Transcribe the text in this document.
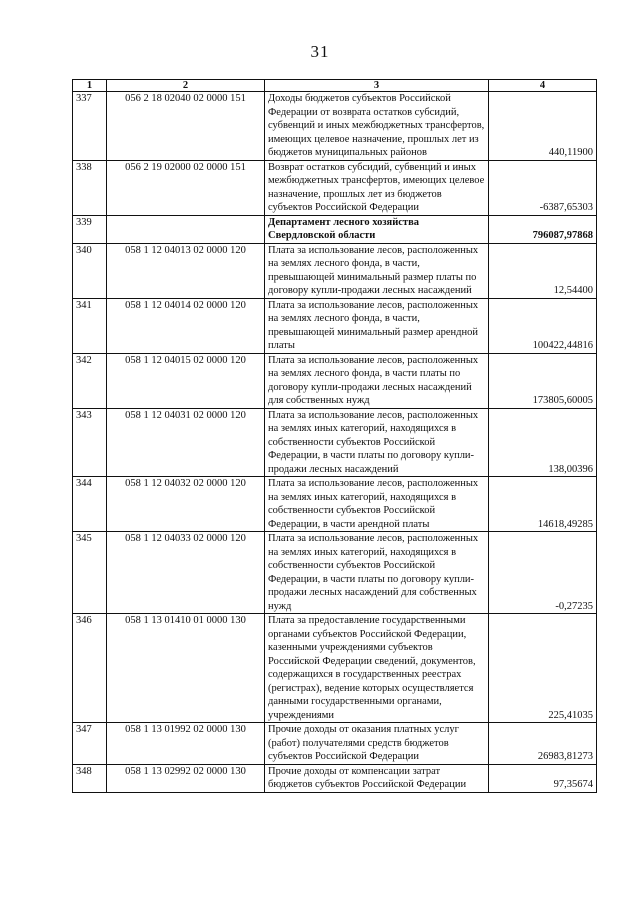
31
1	2	3	4
337	056 2 18 02040 02 0000 151	Доходы бюджетов субъектов Российской Федерации от возврата остатков субсидий, субвенций и иных межбюджетных трансфертов, имеющих целевое назначение, прошлых лет из бюджетов муниципальных районов	440,11900
338	056 2 19 02000 02 0000 151	Возврат остатков субсидий, субвенций и иных межбюджетных трансфертов, имеющих целевое назначение, прошлых лет из бюджетов субъектов Российской Федерации	-6387,65303
339		Департамент лесного хозяйства Свердловской области	796087,97868
340	058 1 12 04013 02 0000 120	Плата за использование лесов, расположенных на землях лесного фонда, в части, превышающей минимальный размер платы по договору купли-продажи лесных насаждений	12,54400
341	058 1 12 04014 02 0000 120	Плата за использование лесов, расположенных на землях лесного фонда, в части, превышающей минимальный размер арендной платы	100422,44816
342	058 1 12 04015 02 0000 120	Плата за использование лесов, расположенных на землях лесного фонда, в части платы по договору купли-продажи лесных насаждений для собственных нужд	173805,60005
343	058 1 12 04031 02 0000 120	Плата за использование лесов, расположенных на землях иных категорий, находящихся в собственности субъектов Российской Федерации, в части платы по договору купли-продажи лесных насаждений	138,00396
344	058 1 12 04032 02 0000 120	Плата за использование лесов, расположенных на землях иных категорий, находящихся в собственности субъектов Российской Федерации, в части арендной платы	14618,49285
345	058 1 12 04033 02 0000 120	Плата за использование лесов, расположенных на землях иных категорий, находящихся в собственности субъектов Российской Федерации, в части платы по договору купли-продажи лесных насаждений для собственных нужд	-0,27235
346	058 1 13 01410 01 0000 130	Плата за предоставление государственными органами субъектов Российской Федерации, казенными учреждениями субъектов Российской Федерации сведений, документов, содержащихся в государственных реестрах (регистрах), ведение которых осуществляется данными государственными органами, учреждениями	225,41035
347	058 1 13 01992 02 0000 130	Прочие доходы от оказания платных услуг (работ) получателями средств бюджетов субъектов Российской Федерации	26983,81273
348	058 1 13 02992 02 0000 130	Прочие доходы от компенсации затрат бюджетов субъектов Российской Федерации	97,35674
